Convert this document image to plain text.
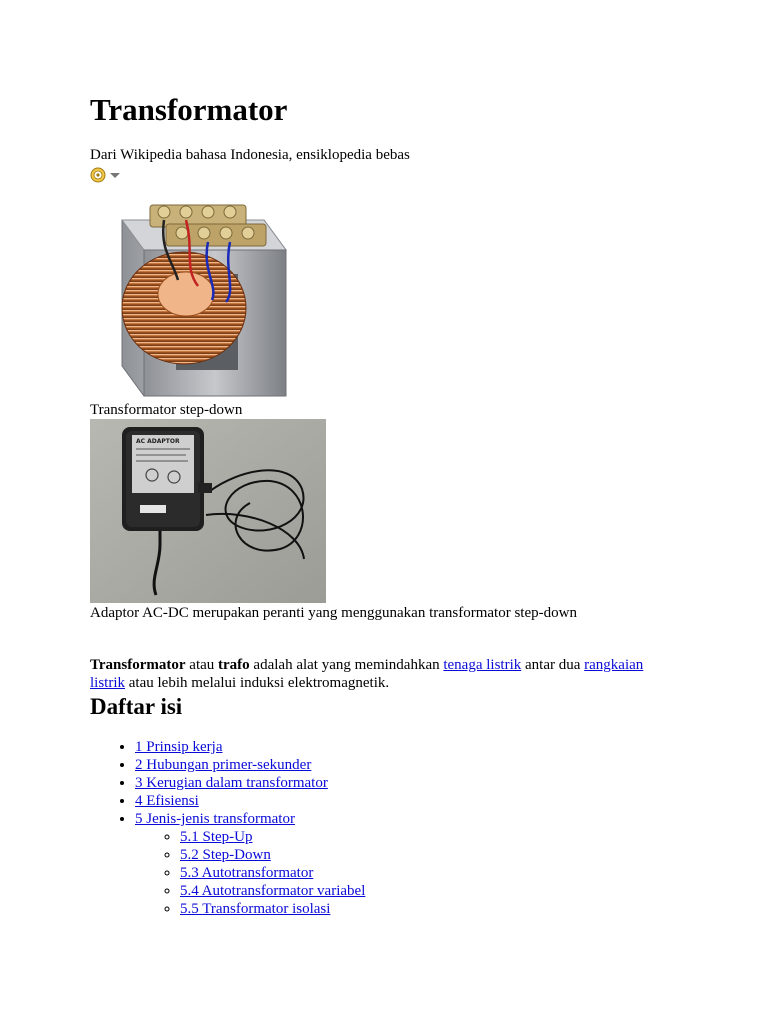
Transformator
Dari Wikipedia bahasa Indonesia, ensiklopedia bebas
Transformator step-down
AC ADAPTOR
Adaptor AC-DC merupakan peranti yang menggunakan transformator step-down

Transformator atau trafo adalah alat yang memindahkan tenaga listrik antar dua rangkaian listrik atau lebih melalui induksi elektromagnetik.

Daftar isi
• 1 Prinsip kerja
• 2 Hubungan primer-sekunder
• 3 Kerugian dalam transformator
• 4 Efisiensi
• 5 Jenis-jenis transformator
◦ 5.1 Step-Up
◦ 5.2 Step-Down
◦ 5.3 Autotransformator
◦ 5.4 Autotransformator variabel
◦ 5.5 Transformator isolasi
